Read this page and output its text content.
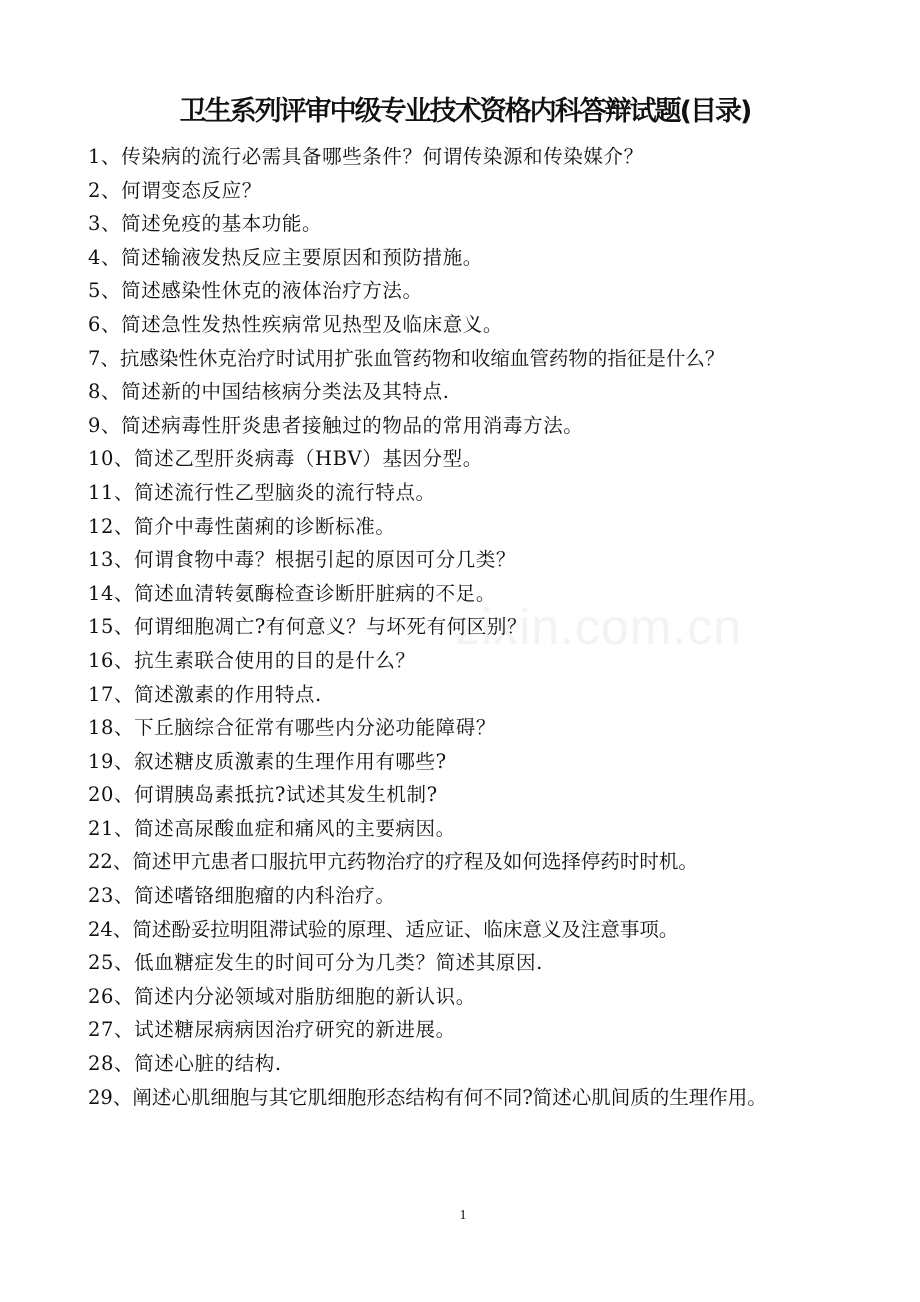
卫生系列评审中级专业技术资格内科答辩试题(目录)
zixin.com.cn
1、传染病的流行必需具备哪些条件？何谓传染源和传染媒介？
2、何谓变态反应？
3、简述免疫的基本功能。
4、简述输液发热反应主要原因和预防措施。
5、简述感染性休克的液体治疗方法。
6、简述急性发热性疾病常见热型及临床意义。
7、抗感染性休克治疗时试用扩张血管药物和收缩血管药物的指征是什么？
8、简述新的中国结核病分类法及其特点.
9、简述病毒性肝炎患者接触过的物品的常用消毒方法。
10、简述乙型肝炎病毒（HBV）基因分型。
11、简述流行性乙型脑炎的流行特点。
12、简介中毒性菌痢的诊断标准。
13、何谓食物中毒？根据引起的原因可分几类？
14、简述血清转氨酶检查诊断肝脏病的不足。
15、何谓细胞凋亡?有何意义？与坏死有何区别？
16、抗生素联合使用的目的是什么？
17、简述激素的作用特点.
18、下丘脑综合征常有哪些内分泌功能障碍？
19、叙述糖皮质激素的生理作用有哪些?
20、何谓胰岛素抵抗?试述其发生机制?
21、简述高尿酸血症和痛风的主要病因。
22、简述甲亢患者口服抗甲亢药物治疗的疗程及如何选择停药时时机。
23、简述嗜铬细胞瘤的内科治疗。
24、简述酚妥拉明阻滞试验的原理、适应证、临床意义及注意事项。
25、低血糖症发生的时间可分为几类？简述其原因.
26、简述内分泌领域对脂肪细胞的新认识。
27、试述糖尿病病因治疗研究的新进展。
28、简述心脏的结构.
29、阐述心肌细胞与其它肌细胞形态结构有何不同?简述心肌间质的生理作用。
1
